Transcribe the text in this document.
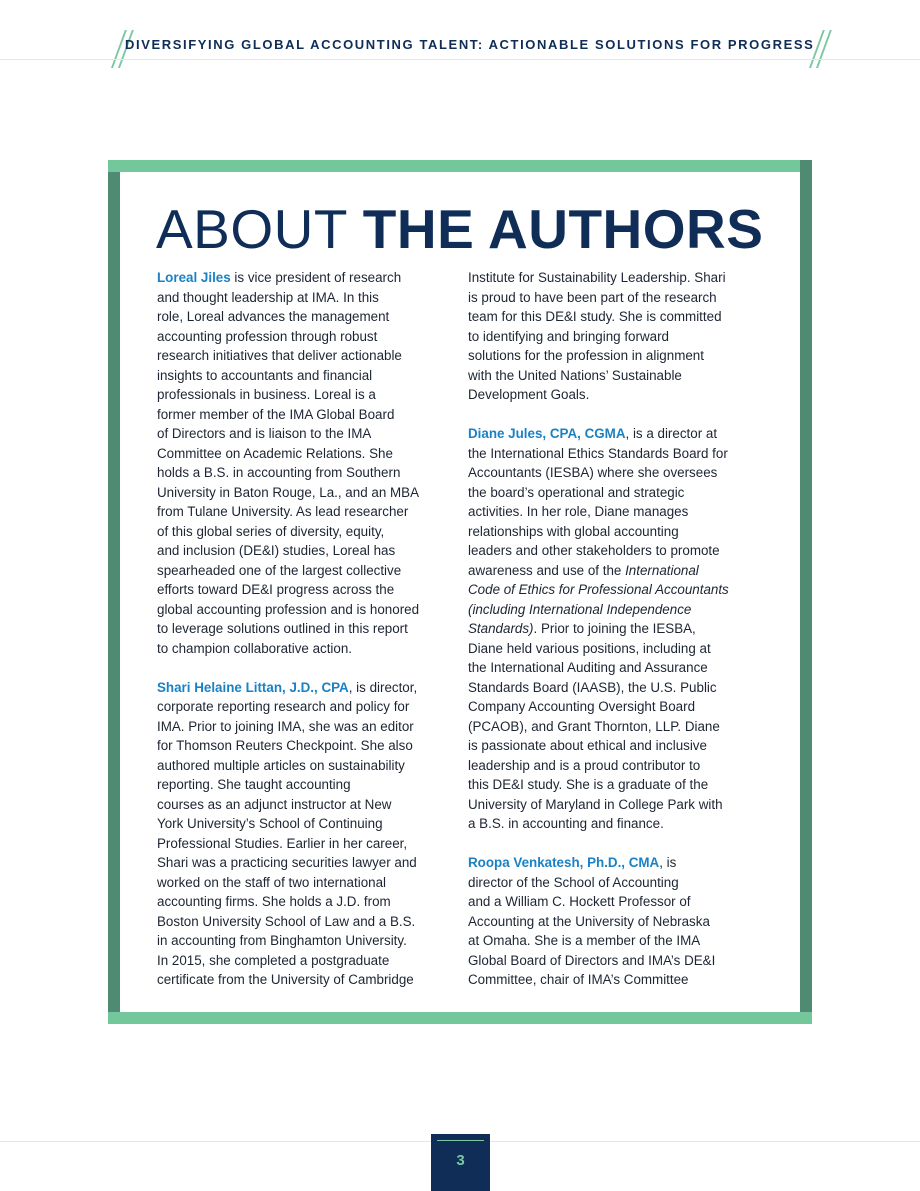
DIVERSIFYING GLOBAL ACCOUNTING TALENT: ACTIONABLE SOLUTIONS FOR PROGRESS
ABOUT THE AUTHORS

Loreal Jiles is vice president of research
and thought leadership at IMA. In this
role, Loreal advances the management
accounting profession through robust
research initiatives that deliver actionable
insights to accountants and financial
professionals in business. Loreal is a
former member of the IMA Global Board
of Directors and is liaison to the IMA
Committee on Academic Relations. She
holds a B.S. in accounting from Southern
University in Baton Rouge, La., and an MBA
from Tulane University. As lead researcher
of this global series of diversity, equity,
and inclusion (DE&I) studies, Loreal has
spearheaded one of the largest collective
efforts toward DE&I progress across the
global accounting profession and is honored
to leverage solutions outlined in this report
to champion collaborative action.

Shari Helaine Littan, J.D., CPA, is director,
corporate reporting research and policy for
IMA. Prior to joining IMA, she was an editor
for Thomson Reuters Checkpoint. She also
authored multiple articles on sustainability
reporting. She taught accounting
courses as an adjunct instructor at New
York University’s School of Continuing
Professional Studies. Earlier in her career,
Shari was a practicing securities lawyer and
worked on the staff of two international
accounting firms. She holds a J.D. from
Boston University School of Law and a B.S.
in accounting from Binghamton University.
In 2015, she completed a postgraduate
certificate from the University of Cambridge

Institute for Sustainability Leadership. Shari
is proud to have been part of the research
team for this DE&I study. She is committed
to identifying and bringing forward
solutions for the profession in alignment
with the United Nations’ Sustainable
Development Goals.

Diane Jules, CPA, CGMA, is a director at
the International Ethics Standards Board for
Accountants (IESBA) where she oversees
the board’s operational and strategic
activities. In her role, Diane manages
relationships with global accounting
leaders and other stakeholders to promote
awareness and use of the International
Code of Ethics for Professional Accountants
(including International Independence
Standards). Prior to joining the IESBA,
Diane held various positions, including at
the International Auditing and Assurance
Standards Board (IAASB), the U.S. Public
Company Accounting Oversight Board
(PCAOB), and Grant Thornton, LLP. Diane
is passionate about ethical and inclusive
leadership and is a proud contributor to
this DE&I study. She is a graduate of the
University of Maryland in College Park with
a B.S. in accounting and finance.

Roopa Venkatesh, Ph.D., CMA, is
director of the School of Accounting
and a William C. Hockett Professor of
Accounting at the University of Nebraska
at Omaha. She is a member of the IMA
Global Board of Directors and IMA’s DE&I
Committee, chair of IMA’s Committee

3
